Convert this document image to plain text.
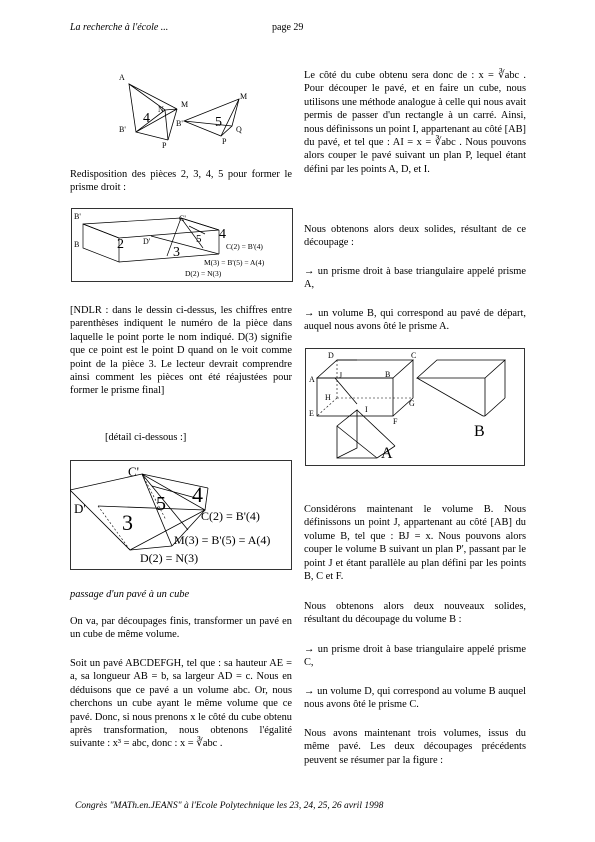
La recherche à l'école ...	page 29
A
N
M
B'
P
4	5
M
B'
Q
P
Redisposition des pièces 2, 3, 4, 5 pour former le prisme droit :
B'
B
C'
D'
2
3
4
5
C(2) = B'(4)
M(3) = B'(5) = A(4)
D(2) = N(3)
[NDLR : dans le dessin ci-dessus, les chiffres entre parenthèses indiquent le numéro de la pièce dans laquelle le point porte le nom indiqué. D(3) signifie que ce point est le point D quand on le voit comme point de la pièce 3. Le lecteur devrait comprendre ainsi comment les pièces ont été réajustées pour former le prisme final]
[détail ci-dessous :]
C'
D'
3
4
5
C(2) = B'(4)
M(3) = B'(5) = A(4)
D(2) = N(3)
passage d'un pavé à un cube
On va, par découpages finis, transformer un pavé en un cube de même volume.
Soit un pavé ABCDEFGH, tel que : sa hauteur AE = a, sa longueur AB = b, sa largeur AD = c. Nous en déduisons que ce pavé a un volume abc. Or, nous cherchons un cube ayant le même volume que ce pavé. Donc, si nous prenons x le côté du cube obtenu après transformation, nous obtenons l'égalité suivante : x³ = abc, donc : x = ∛abc .
Le côté du cube obtenu sera donc de : x = ∛abc . Pour découper le pavé, et en faire un cube, nous utilisons une méthode analogue à celle qui nous avait permis de passer d'un rectangle à un carré. Ainsi, nous définissons un point I, appartenant au côté [AB] du pavé, et tel que : AI = x = ∛abc . Nous pouvons alors couper le pavé suivant un plan P, lequel étant défini par les points A, D, et I.
Nous obtenons alors deux solides, résultant de ce découpage :
→ un prisme droit à base triangulaire appelé prisme A,
→ un volume B, qui correspond au pavé de départ, auquel nous avons ôté le prisme A.
D	C
A	J	B
E
H
I
G
F
B
A
Considérons maintenant le volume B. Nous définissons un point J, appartenant au côté [AB] du volume B, tel que : BJ = x. Nous pouvons alors couper le volume B suivant un plan P', passant par le point J et étant parallèle au plan défini par les points B, C et F.
Nous obtenons alors deux nouveaux solides, résultant du découpage du volume B :
→ un prisme droit à base triangulaire appelé prisme C,
→ un volume D, qui correspond au volume B auquel nous avons ôté le prisme C.
Nous avons maintenant trois volumes, issus du même pavé. Les deux découpages précédents peuvent se résumer par la figure :
Congrès "MATh.en.JEANS" à l'Ecole Polytechnique les 23, 24, 25, 26 avril 1998
